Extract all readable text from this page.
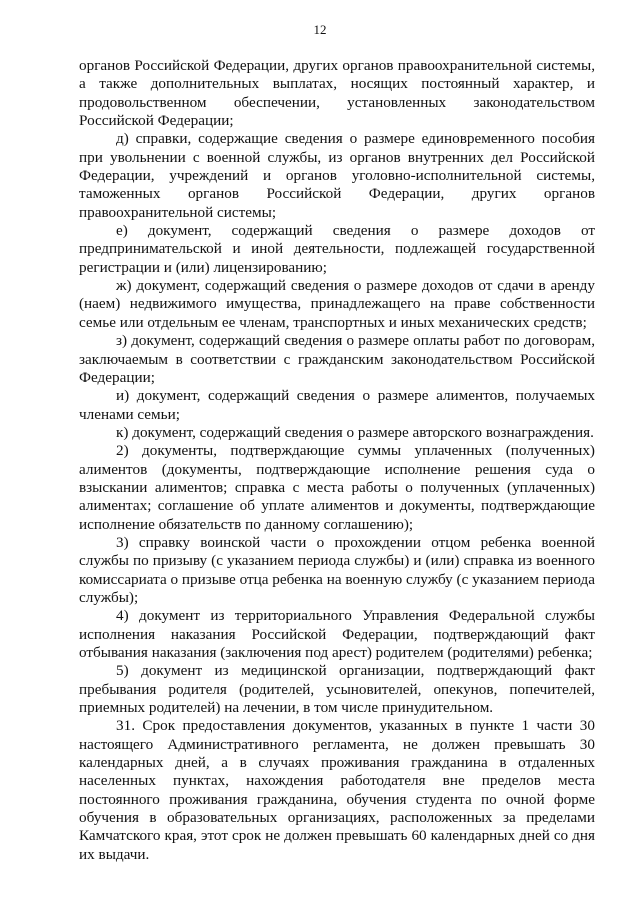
12

органов Российской Федерации, других органов правоохранительной системы, а также дополнительных выплатах, носящих постоянный характер, и продовольственном обеспечении, установленных законодательством Российской Федерации;

д) справки, содержащие сведения о размере единовременного пособия при увольнении с военной службы, из органов внутренних дел Российской Федерации, учреждений и органов уголовно-исполнительной системы, таможенных органов Российской Федерации, других органов правоохранительной системы;

е) документ, содержащий сведения о размере доходов от предпринимательской и иной деятельности, подлежащей государственной регистрации и (или) лицензированию;

ж) документ, содержащий сведения о размере доходов от сдачи в аренду (наем) недвижимого имущества, принадлежащего на праве собственности семье или отдельным ее членам, транспортных и иных механических средств;

з) документ, содержащий сведения о размере оплаты работ по договорам, заключаемым в соответствии с гражданским законодательством Российской Федерации;

и) документ, содержащий сведения о размере алиментов, получаемых членами семьи;

к) документ, содержащий сведения о размере авторского вознаграждения.

2) документы, подтверждающие суммы уплаченных (полученных) алиментов (документы, подтверждающие исполнение решения суда о взыскании алиментов; справка с места работы о полученных (уплаченных) алиментах; соглашение об уплате алиментов и документы, подтверждающие исполнение обязательств по данному соглашению);

3) справку воинской части о прохождении отцом ребенка военной службы по призыву (с указанием периода службы) и (или) справка из военного комиссариата о призыве отца ребенка на военную службу (с указанием периода службы);

4) документ из территориального Управления Федеральной службы исполнения наказания Российской Федерации, подтверждающий факт отбывания наказания (заключения под арест) родителем (родителями) ребенка;

5) документ из медицинской организации, подтверждающий факт пребывания родителя (родителей, усыновителей, опекунов, попечителей, приемных родителей) на лечении, в том числе принудительном.

31. Срок предоставления документов, указанных в пункте 1 части 30 настоящего Административного регламента, не должен превышать 30 календарных дней, а в случаях проживания гражданина в отдаленных населенных пунктах, нахождения работодателя вне пределов места постоянного проживания гражданина, обучения студента по очной форме обучения в образовательных организациях, расположенных за пределами Камчатского края, этот срок не должен превышать 60 календарных дней со дня их выдачи.
